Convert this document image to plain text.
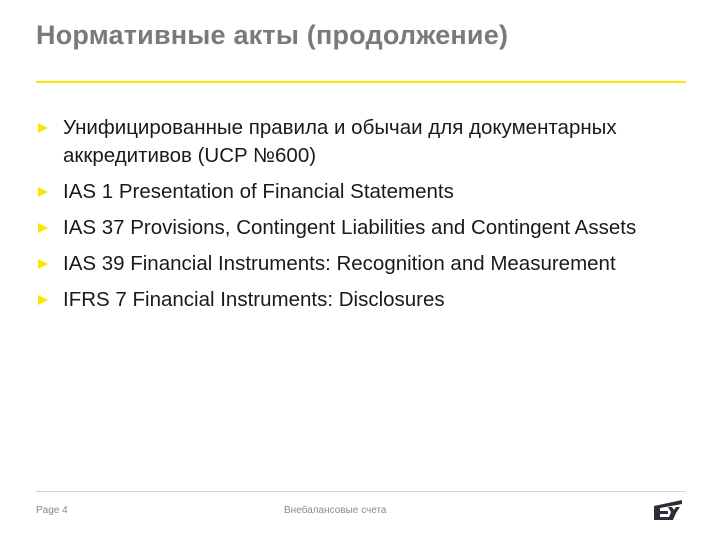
Нормативные акты (продолжение)
Унифицированные правила и обычаи для документарных аккредитивов (UCP №600)
IAS 1 Presentation of Financial Statements
IAS 37 Provisions, Contingent Liabilities and Contingent Assets
IAS 39 Financial Instruments: Recognition and Measurement
IFRS 7 Financial Instruments: Disclosures
Page 4	Внебалансовые счета
